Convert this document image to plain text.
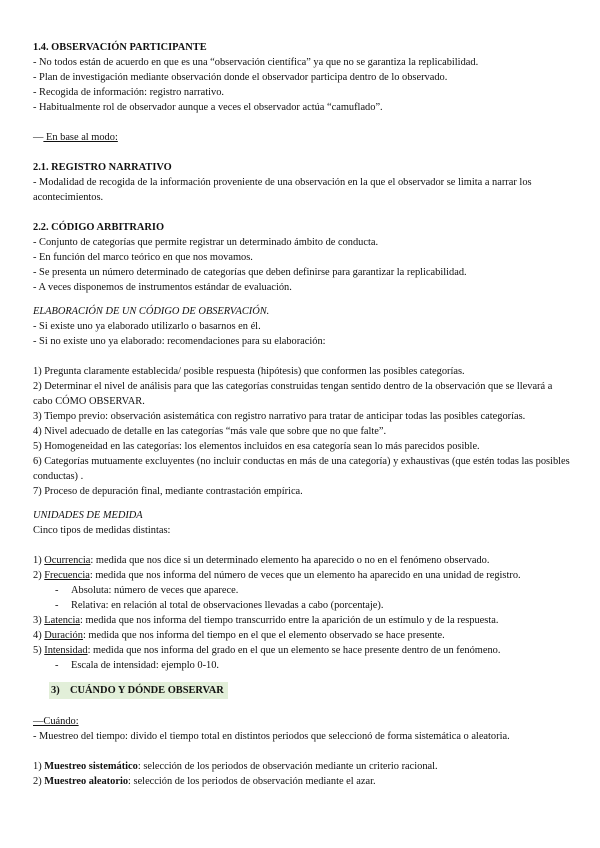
1.4. OBSERVACIÓN PARTICIPANTE
- No todos están de acuerdo en que es una “observación científica” ya que no se garantiza la replicabilidad.
- Plan de investigación mediante observación donde el observador participa dentro de lo observado.
- Recogida de información: registro narrativo.
- Habitualmente rol de observador aunque a veces el observador actúa “camuflado”.
— En base al modo:
2.1. REGISTRO NARRATIVO
- Modalidad de recogida de la información proveniente de una observación en la que el observador se limita a narrar los acontecimientos.
2.2. CÓDIGO ARBITRARIO
- Conjunto de categorías que permite registrar un determinado ámbito de conducta.
- En función del marco teórico en que nos movamos.
- Se presenta un número determinado de categorías que deben definirse para garantizar la replicabilidad.
- A veces disponemos de instrumentos estándar de evaluación.
ELABORACIÓN DE UN CÓDIGO DE OBSERVACIÓN.
- Si existe uno ya elaborado utilizarlo o basarnos en él.
- Si no existe uno ya elaborado: recomendaciones para su elaboración:
1) Pregunta claramente establecida/ posible respuesta (hipótesis) que conformen las posibles categorías.
2) Determinar el nivel de análisis para que las categorías construidas tengan sentido dentro de la observación que se llevará a cabo CÓMO OBSERVAR.
3) Tiempo previo: observación asistemática con registro narrativo para tratar de anticipar todas las posibles categorías.
4) Nivel adecuado de detalle en las categorías “más vale que sobre que no que falte”.
5) Homogeneidad en las categorías: los elementos incluidos en esa categoría sean lo más parecidos posible.
6) Categorías mutuamente excluyentes (no incluir conductas en más de una categoría) y exhaustivas (que estén todas las posibles conductas) .
7) Proceso de depuración final, mediante contrastación empírica.
UNIDADES DE MEDIDA
Cinco tipos de medidas distintas:
1) Ocurrencia: medida que nos dice si un determinado elemento ha aparecido o no en el fenómeno observado.
2) Frecuencia: medida que nos informa del número de veces que un elemento ha aparecido en una unidad de registro.
- Absoluta: número de veces que aparece.
- Relativa: en relación al total de observaciones llevadas a cabo (porcentaje).
3) Latencia: medida que nos informa del tiempo transcurrido entre la aparición de un estímulo y de la respuesta.
4) Duración: medida que nos informa del tiempo en el que el elemento observado se hace presente.
5) Intensidad: medida que nos informa del grado en el que un elemento se hace presente dentro de un fenómeno.
- Escala de intensidad: ejemplo 0-10.
3)    CUÁNDO Y DÓNDE OBSERVAR
—Cuándo:
- Muestreo del tiempo: divido el tiempo total en distintos periodos que seleccionó de forma sistemática o aleatoria.
1) Muestreo sistemático: selección de los periodos de observación mediante un criterio racional.
2) Muestreo aleatorio: selección de los periodos de observación mediante el azar.
